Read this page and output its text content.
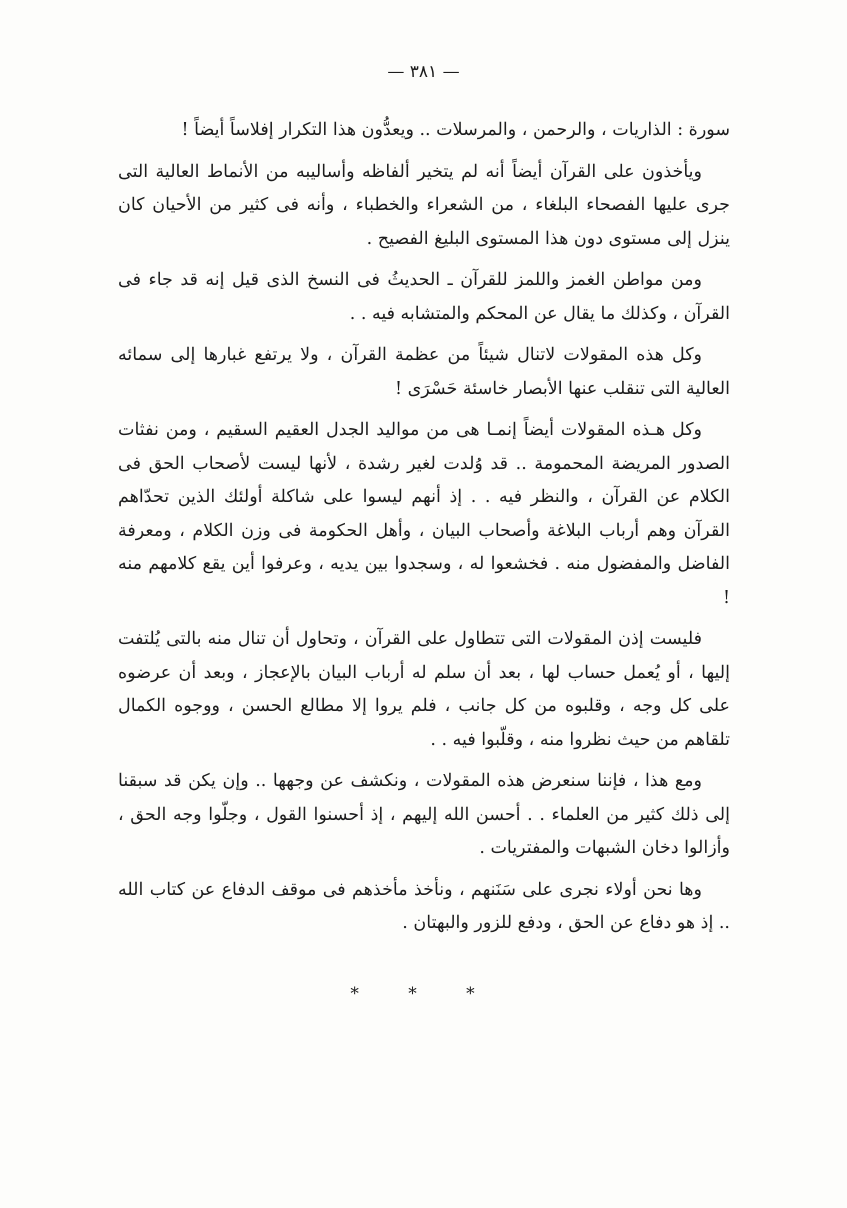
— ٣٨١ —

سورة : الذاريات ، والرحمن ، والمرسلات .. ويعدُّون هذا التكرار إفلاساً أيضاً !

ويأخذون على القرآن أيضاً أنه لم يتخير ألفاظه وأساليبه من الأنماط العالية التى جرى عليها الفصحاء البلغاء ، من الشعراء والخطباء ، وأنه فى كثير من الأحيان كان ينزل إلى مستوى دون هذا المستوى البليغ الفصيح .

ومن مواطن الغمز واللمز للقرآن ـ الحديثُ فى النسخ الذى قيل إنه قد جاء فى القرآن ، وكذلك ما يقال عن المحكم والمتشابه فيه . .

وكل هذه المقولات لاتنال شيئاً من عظمة القرآن ، ولا يرتفع غبارها إلى سمائه العالية التى تنقلب عنها الأبصار خاسئة حَسْرَى !

وكل هـذه المقولات أيضاً إنمـا هى من مواليد الجدل العقيم السقيم ، ومن نفثات الصدور المريضة المحمومة .. قد وُلدت لغير رشدة ، لأنها ليست لأصحاب الحق فى الكلام عن القرآن ، والنظر فيه . . إذ أنهم ليسوا على شاكلة أولئك الذين تحدّاهم القرآن وهم أرباب البلاغة وأصحاب البيان ، وأهل الحكومة فى وزن الكلام ، ومعرفة الفاضل والمفضول منه . فخشعوا له ، وسجدوا بين يديه ، وعرفوا أين يقع كلامهم منه !

فليست إذن المقولات التى تتطاول على القرآن ، وتحاول أن تنال منه بالتى يُلتفت إليها ، أو يُعمل حساب لها ، بعد أن سلم له أرباب البيان بالإعجاز ، وبعد أن عرضوه على كل وجه ، وقلبوه من كل جانب ، فلم يروا إلا مطالع الحسن ، ووجوه الكمال تلقاهم من حيث نظروا منه ، وقلّبوا فيه . .

ومع هذا ، فإننا سنعرض هذه المقولات ، ونكشف عن وجهها .. وإن يكن قد سبقنا إلى ذلك كثير من العلماء . . أحسن الله إليهم ، إذ أحسنوا القول ، وجلّوا وجه الحق ، وأزالوا دخان الشبهات والمفتريات .

وها نحن أولاء نجرى على سَنَنهم ، ونأخذ مأخذهم فى موقف الدفاع عن كتاب الله .. إذ هو دفاع عن الحق ، ودفع للزور والبهتان .

* * *
